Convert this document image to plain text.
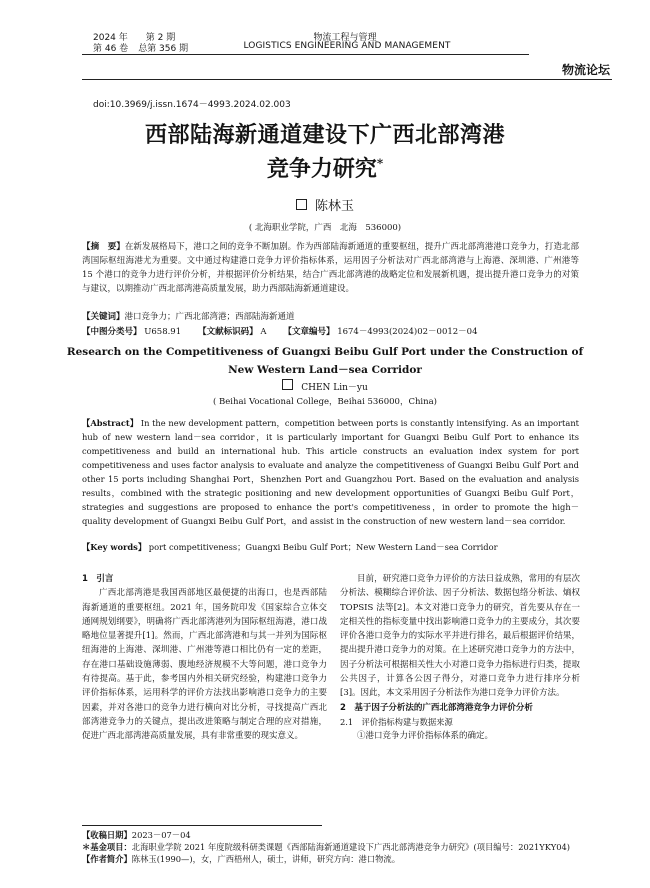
2024 年 第 2 期
第 46 卷 总第 356 期
物流工程与管理
LOGISTICS ENGINEERING AND MANAGEMENT
物流论坛
doi:10.3969/j.issn.1674－4993.2024.02.003
西部陆海新通道建设下广西北部湾港
竞争力研究*
陈林玉
( 北海职业学院，广西　北海　536000)
【摘　要】在新发展格局下，港口之间的竞争不断加剧。作为西部陆海新通道的重要枢纽，提升广西北部湾港港口竞争力，打造北部湾国际枢纽海港尤为重要。文中通过构建港口竞争力评价指标体系，运用因子分析法对广西北部湾港与上海港、深圳港、广州港等 15 个港口的竞争力进行评价分析，并根据评价分析结果，结合广西北部湾港的战略定位和发展新机遇，提出提升港口竞争力的对策与建议，以期推动广西北部湾港高质量发展，助力西部陆海新通道建设。
【关键词】港口竞争力；广西北部湾港；西部陆海新通道
【中图分类号】 U658.91   【文献标识码】 A   【文章编号】 1674－4993(2024)02－0012－04
Research on the Competitiveness of Guangxi Beibu Gulf Port under the Construction of
New Western Land－sea Corridor
CHEN Lin－yu
( Beihai Vocational College，Beihai 536000，China)
【Abstract】 In the new development pattern，competition between ports is constantly intensifying. As an important hub of new western land－sea corridor，it is particularly important for Guangxi Beibu Gulf Port to enhance its competitiveness and build an international hub. This article constructs an evaluation index system for port competitiveness and uses factor analysis to evaluate and analyze the competitiveness of Guangxi Beibu Gulf Port and other 15 ports including Shanghai Port，Shenzhen Port and Guangzhou Port. Based on the evaluation and analysis results，combined with the strategic positioning and new development opportunities of Guangxi Beibu Gulf Port，strategies and suggestions are proposed to enhance the port's competitiveness，in order to promote the high－quality development of Guangxi Beibu Gulf Port，and assist in the construction of new western land－sea corridor.
【Key words】 port competitiveness；Guangxi Beibu Gulf Port；New Western Land－sea Corridor

1　引言

广西北部湾港是我国西部地区最便捷的出海口，也是西部陆海新通道的重要枢纽。2021 年，国务院印发《国家综合立体交通网规划纲要》，明确将广西北部湾港列为国际枢纽海港，港口战略地位显著提升[1]。然而，广西北部湾港和与其一并列为国际枢纽海港的上海港、深圳港、广州港等港口相比仍有一定的差距，存在港口基础设施薄弱、腹地经济规模不大等问题，港口竞争力有待提高。基于此，参考国内外相关研究经验，构建港口竞争力评价指标体系，运用科学的评价方法找出影响港口竞争力的主要因素，并对各港口的竞争力进行横向对比分析，寻找提高广西北部湾港竞争力的关键点，提出改进策略与制定合理的应对措施，促进广西北部湾港高质量发展，具有非常重要的现实意义。

目前，研究港口竞争力评价的方法日益成熟，常用的有层次分析法、模糊综合评价法、因子分析法、数据包络分析法、熵权 TOPSIS 法等[2]。本文对港口竞争力的研究，首先要从存在一定相关性的指标变量中找出影响港口竞争力的主要成分，其次要评价各港口竞争力的实际水平并进行排名，最后根据评价结果，提出提升港口竞争力的对策。在上述研究港口竞争力的方法中，因子分析法可根据相关性大小对港口竞争力指标进行归类，提取公共因子，计算各公因子得分，对港口竞争力进行排序分析[3]。因此，本文采用因子分析法作为港口竞争力评价方法。

2　基于因子分析法的广西北部湾港竞争力评价分析

2.1　评价指标构建与数据来源

①港口竞争力评价指标体系的确定。

【收稿日期】2023－07－04
＊基金项目：北海职业学院 2021 年度院级科研类课题《西部陆海新通道建设下广西北部湾港竞争力研究》(项目编号：2021YKY04)
【作者简介】陈林玉(1990—)，女，广西梧州人，硕士，讲师，研究方向：港口物流。
